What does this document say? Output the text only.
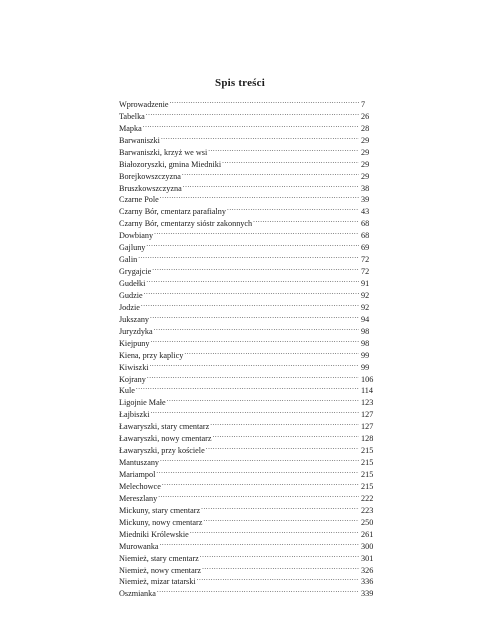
Spis treści
Wprowadzenie .....	7
Tabelka .....	26
Mapka .....	28
Barwaniszki .....	29
Barwaniszki, krzyż we wsi .....	29
Białozoryszki, gmina Miedniki .....	29
Borejkowszczyzna .....	29
Bruszkowszczyzna .....	38
Czarne Pole .....	39
Czarny Bór, cmentarz parafialny .....	43
Czarny Bór, cmentarzy sióstr zakonnych .....	68
Dowbiany .....	68
Gajluny .....	69
Galin .....	72
Grygajcie .....	72
Gudełki .....	91
Gudzie .....	92
Jodzie .....	92
Jukszany .....	94
Juryzdyka .....	98
Kiejpuny .....	98
Kiena, przy kaplicy .....	99
Kiwiszki .....	99
Kojrany .....	106
Kule .....	114
Ligojnie Małe .....	123
Łajbiszki .....	127
Ławaryszki, stary cmentarz .....	127
Ławaryszki, nowy cmentarz .....	128
Ławaryszki, przy kościele .....	215
Mantuszany .....	215
Mariampol .....	215
Melechowce .....	215
Mereszlany .....	222
Mickuny, stary cmentarz .....	223
Mickuny, nowy cmentarz .....	250
Miedniki Królewskie .....	261
Murowanka .....	300
Niemież, stary cmentarz .....	301
Niemież, nowy cmentarz .....	326
Niemież, mizar tatarski .....	336
Oszmianka .....	339
